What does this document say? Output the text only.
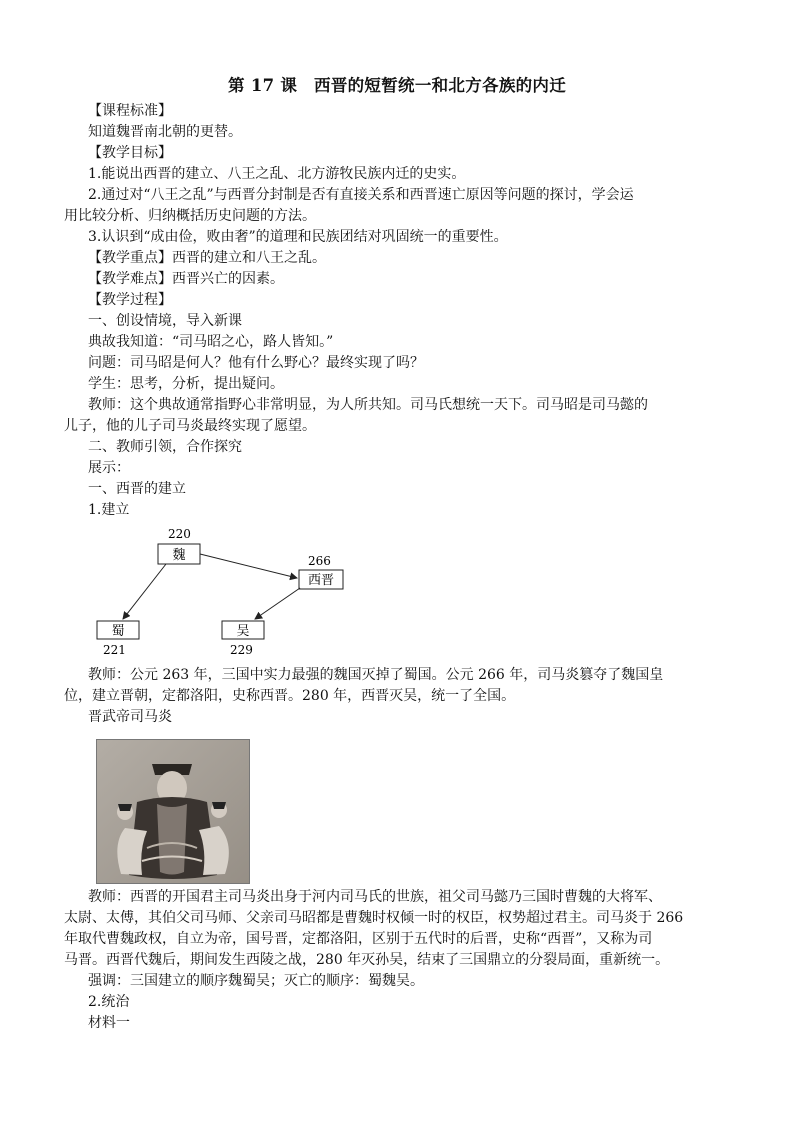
第 17 课　西晋的短暂统一和北方各族的内迁
【课程标准】
知道魏晋南北朝的更替。
【教学目标】
1.能说出西晋的建立、八王之乱、北方游牧民族内迁的史实。
2.通过对“八王之乱”与西晋分封制是否有直接关系和西晋速亡原因等问题的探讨，学会运
用比较分析、归纳概括历史问题的方法。
3.认识到“成由俭，败由奢”的道理和民族团结对巩固统一的重要性。
【教学重点】西晋的建立和八王之乱。
【教学难点】西晋兴亡的因素。
【教学过程】
一、创设情境，导入新课
典故我知道：“司马昭之心，路人皆知。”
问题：司马昭是何人？他有什么野心？最终实现了吗？
学生：思考，分析，提出疑问。
教师：这个典故通常指野心非常明显，为人所共知。司马氏想统一天下。司马昭是司马懿的
儿子，他的儿子司马炎最终实现了愿望。
二、教师引领，合作探究
展示：
一、西晋的建立
1.建立
220
魏	266
西晋
蜀
221
吴
229
教师：公元 263 年，三国中实力最强的魏国灭掉了蜀国。公元 266 年，司马炎篡夺了魏国皇
位，建立晋朝，定都洛阳，史称西晋。280 年，西晋灭吴，统一了全国。
晋武帝司马炎
教师：西晋的开国君主司马炎出身于河内司马氏的世族，祖父司马懿乃三国时曹魏的大将军、
太尉、太傅，其伯父司马师、父亲司马昭都是曹魏时权倾一时的权臣，权势超过君主。司马炎于 266
年取代曹魏政权，自立为帝，国号晋，定都洛阳，区别于五代时的后晋，史称“西晋”，又称为司
马晋。西晋代魏后，期间发生西陵之战，280 年灭孙吴，结束了三国鼎立的分裂局面，重新统一。
强调：三国建立的顺序魏蜀吴；灭亡的顺序：蜀魏吴。
2.统治
材料一
